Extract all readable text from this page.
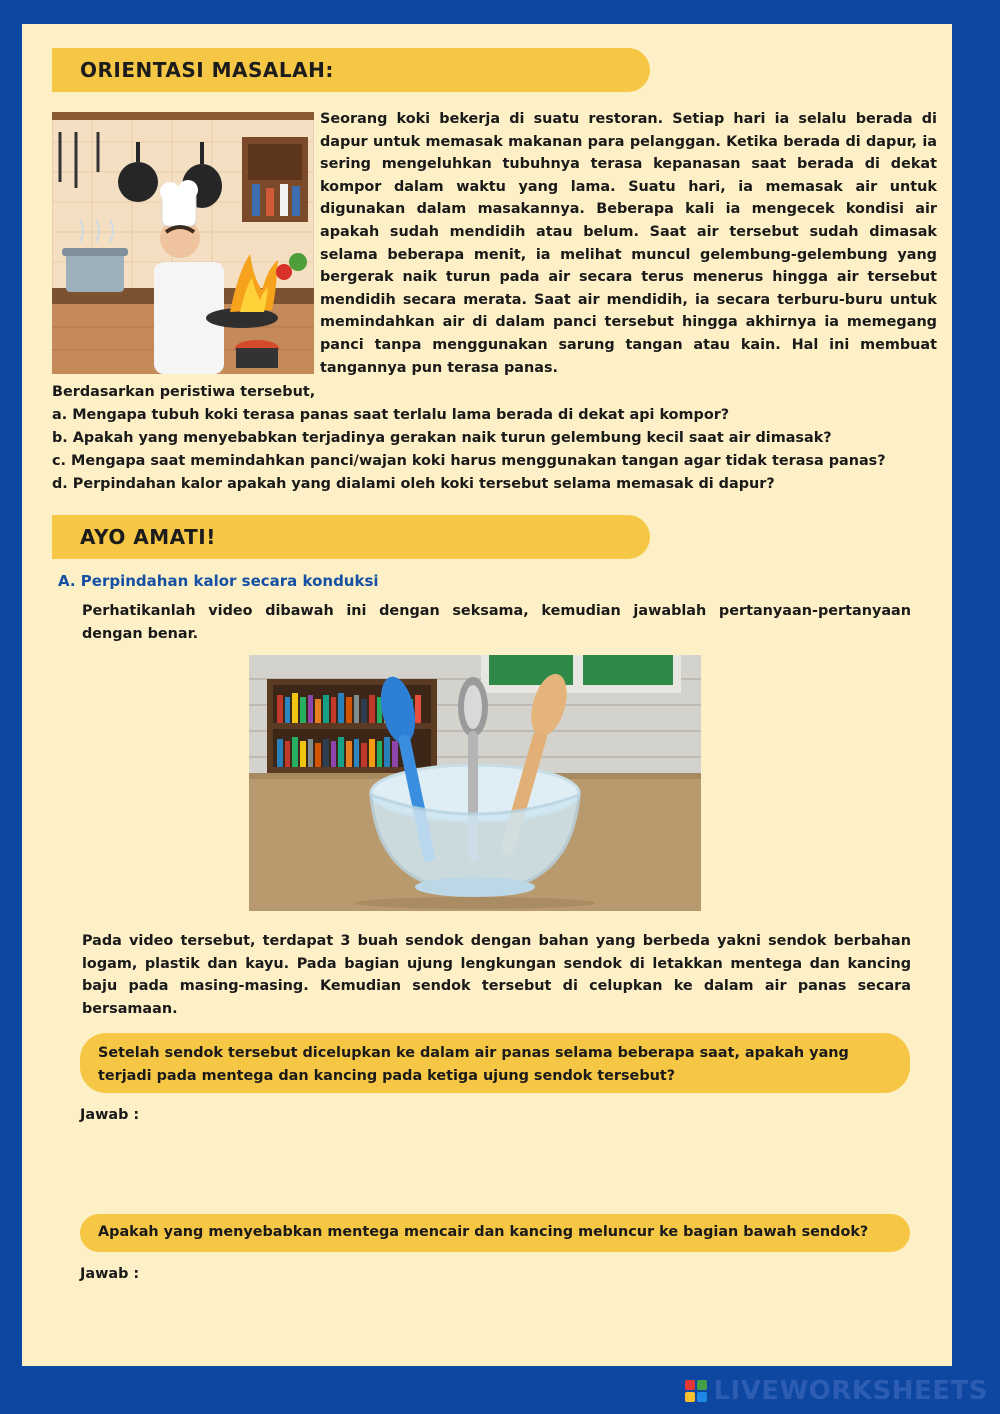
ORIENTASI MASALAH:
Seorang koki bekerja di suatu restoran. Setiap hari ia selalu berada di dapur untuk memasak makanan para pelanggan. Ketika berada di dapur, ia sering mengeluhkan tubuhnya terasa kepanasan saat berada di dekat kompor dalam waktu yang lama. Suatu hari, ia memasak air untuk digunakan dalam masakannya. Beberapa kali ia mengecek kondisi air apakah sudah mendidih atau belum. Saat air tersebut sudah dimasak selama beberapa menit, ia melihat muncul gelembung-gelembung yang bergerak naik turun pada air secara terus menerus hingga air tersebut mendidih secara merata. Saat air mendidih, ia secara terburu-buru untuk memindahkan air di dalam panci tersebut hingga akhirnya ia memegang panci tanpa menggunakan sarung tangan atau kain. Hal ini membuat tangannya pun terasa panas.
Berdasarkan peristiwa tersebut,
a. Mengapa tubuh koki terasa panas saat terlalu lama berada di dekat api kompor?
b. Apakah yang menyebabkan terjadinya gerakan naik turun gelembung kecil saat air dimasak?
c. Mengapa saat memindahkan panci/wajan koki harus menggunakan tangan agar tidak terasa panas?
d. Perpindahan kalor apakah yang dialami oleh koki tersebut selama memasak di dapur?
AYO AMATI!
A. Perpindahan kalor secara konduksi
Perhatikanlah video dibawah ini dengan seksama, kemudian jawablah pertanyaan-pertanyaan dengan benar.
Pada video tersebut, terdapat 3 buah sendok dengan bahan yang berbeda yakni sendok berbahan logam, plastik dan kayu. Pada bagian ujung lengkungan sendok di letakkan mentega dan kancing baju pada masing-masing. Kemudian sendok tersebut di celupkan ke dalam air panas secara bersamaan.
Setelah sendok tersebut dicelupkan ke dalam air panas selama beberapa saat, apakah yang terjadi pada mentega dan kancing pada ketiga ujung sendok tersebut?
Jawab :
Apakah yang menyebabkan mentega mencair dan kancing meluncur ke bagian bawah sendok?
Jawab :
LIVEWORKSHEETS
